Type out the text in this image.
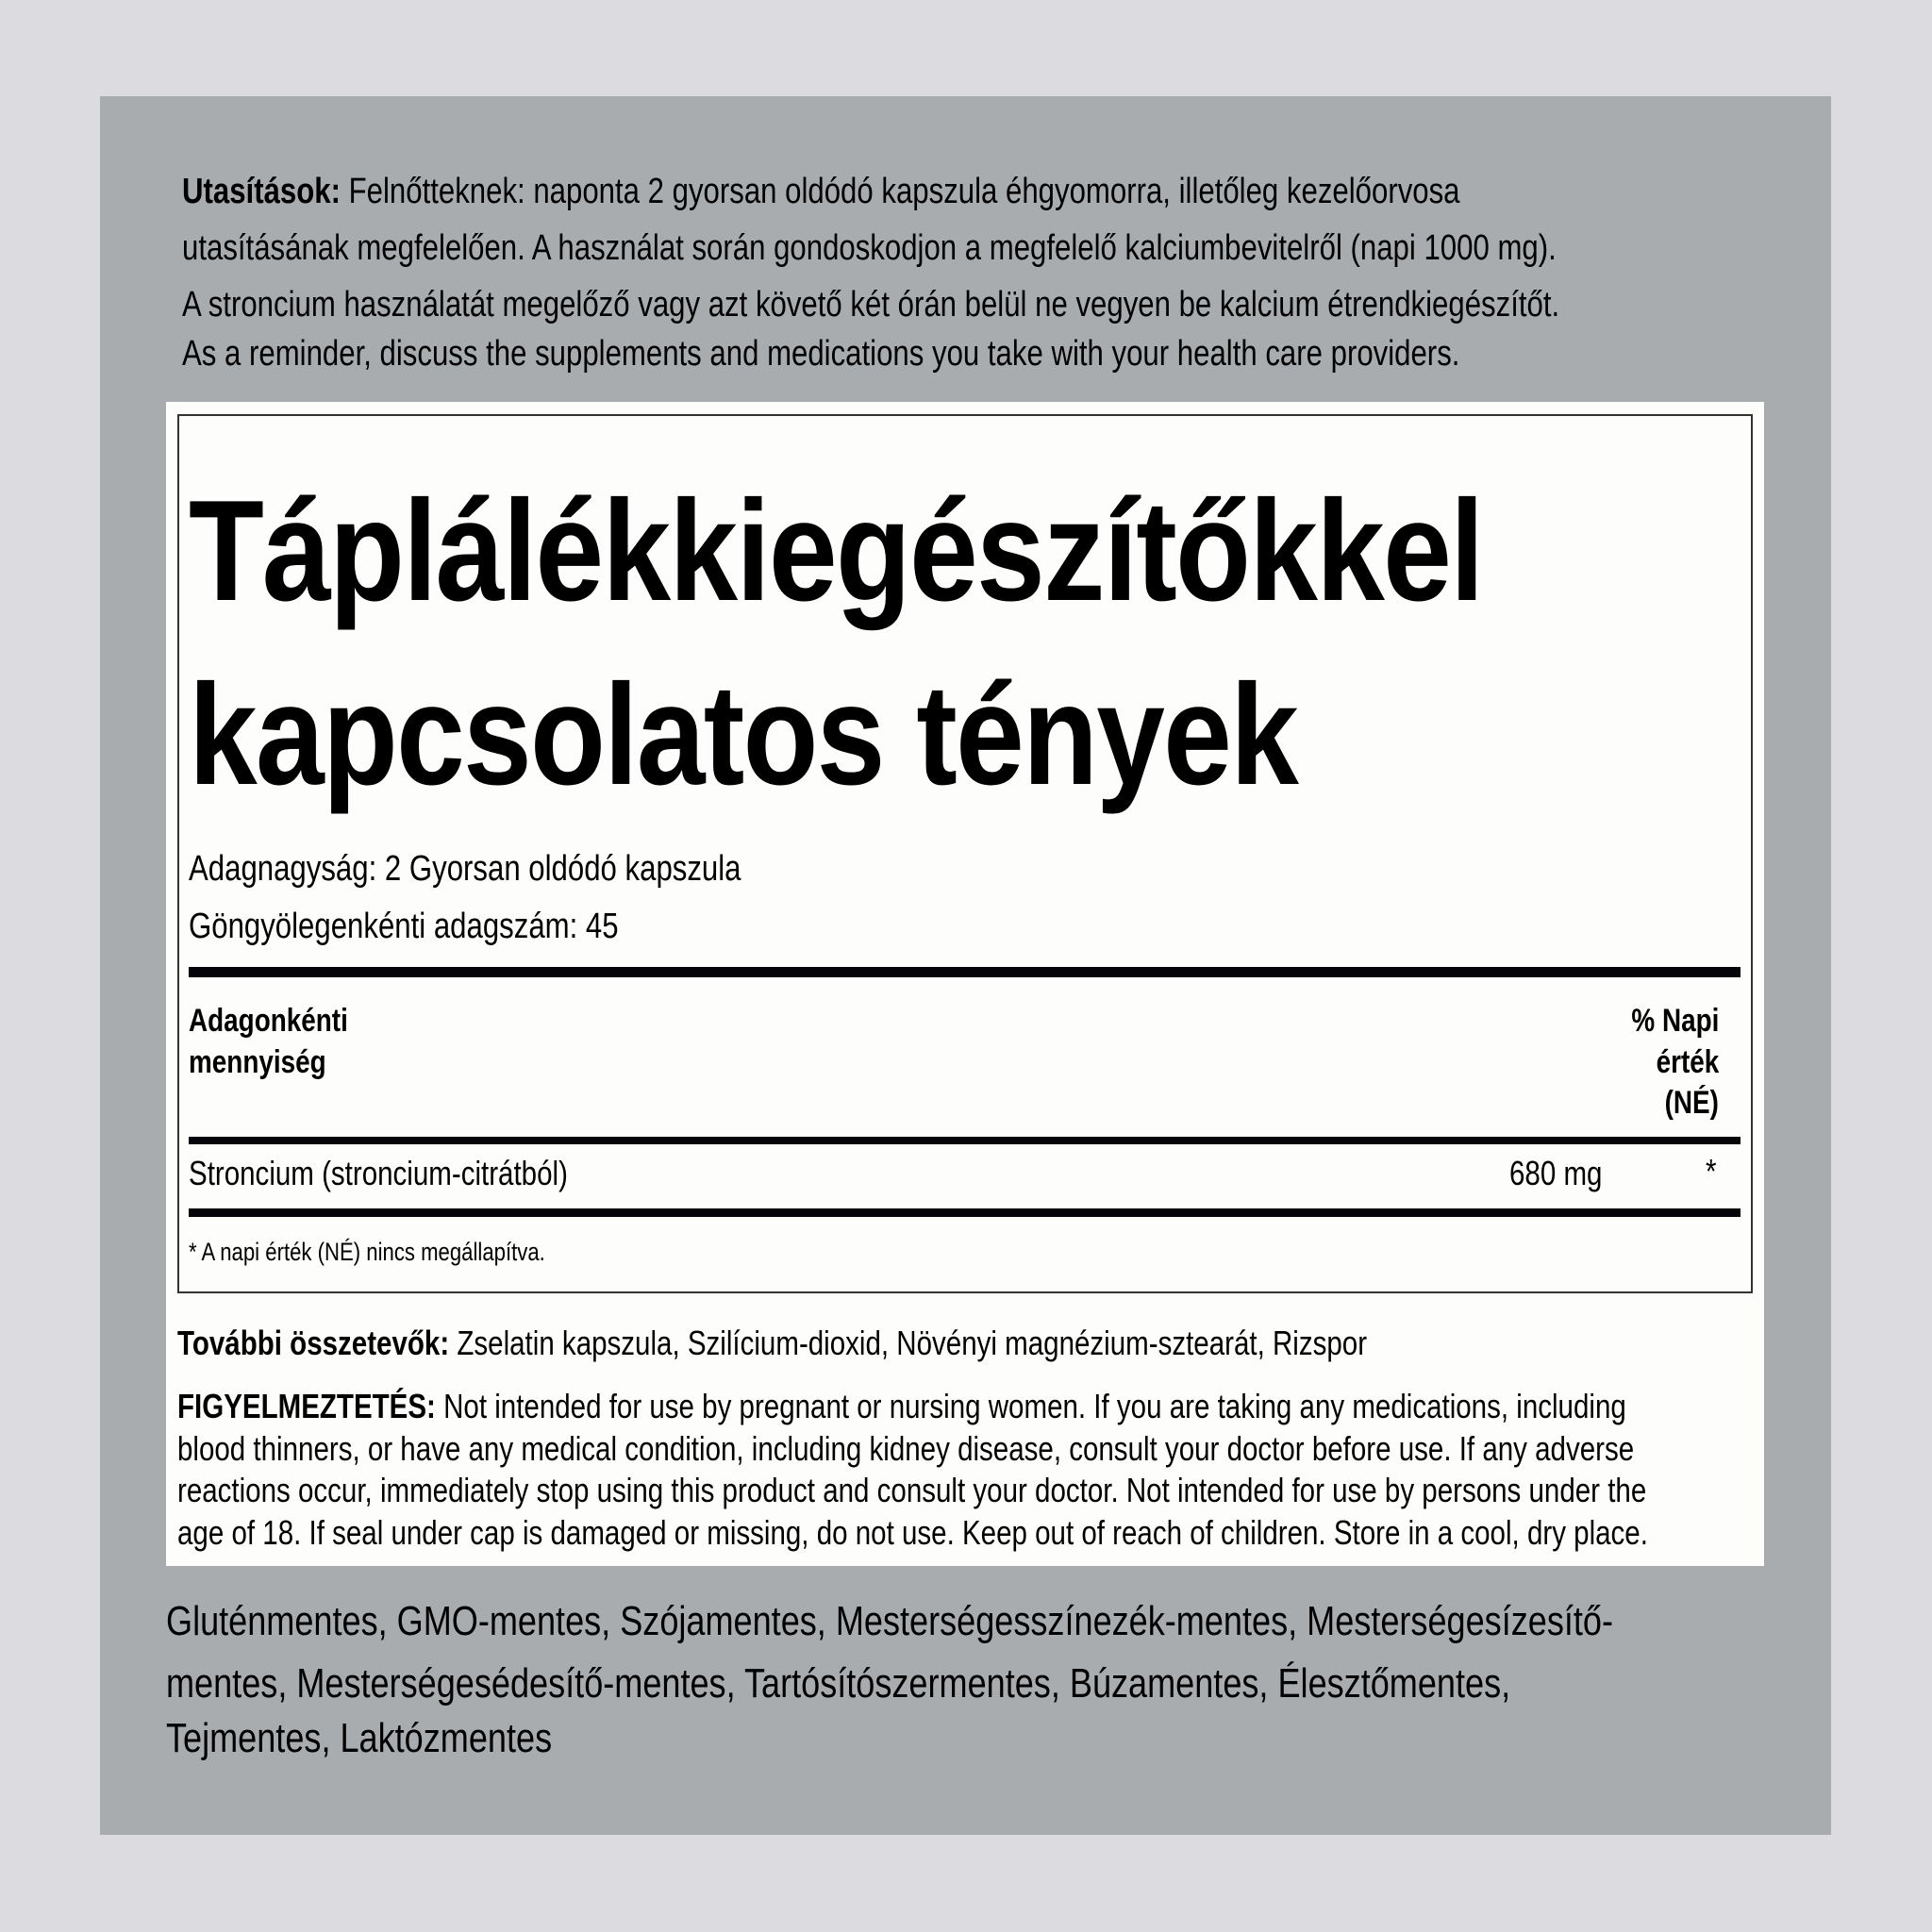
Utasítások: Felnőtteknek: naponta 2 gyorsan oldódó kapszula éhgyomorra, illetőleg kezelőorvosa
utasításának megfelelően. A használat során gondoskodjon a megfelelő kalciumbevitelről (napi 1000 mg).
A stroncium használatát megelőző vagy azt követő két órán belül ne vegyen be kalcium étrendkiegészítőt.
As a reminder, discuss the supplements and medications you take with your health care providers.
Táplálékkiegészítőkkel
kapcsolatos tények
Adagnagyság: 2 Gyorsan oldódó kapszula
Göngyölegenkénti adagszám: 45
Adagonkénti
mennyiség
% Napi
érték
(NÉ)
Stroncium (stroncium-citrátból)	680 mg	*
* A napi érték (NÉ) nincs megállapítva.
További összetevők: Zselatin kapszula, Szilícium-dioxid, Növényi magnézium-sztearát, Rizspor
FIGYELMEZTETÉS: Not intended for use by pregnant or nursing women. If you are taking any medications, including
blood thinners, or have any medical condition, including kidney disease, consult your doctor before use. If any adverse
reactions occur, immediately stop using this product and consult your doctor. Not intended for use by persons under the
age of 18. If seal under cap is damaged or missing, do not use. Keep out of reach of children. Store in a cool, dry place.
Gluténmentes, GMO-mentes, Szójamentes, Mesterségesszínezék-mentes, Mesterségesízesítő-
mentes, Mesterségesédesítő-mentes, Tartósítószermentes, Búzamentes, Élesztőmentes,
Tejmentes, Laktózmentes
